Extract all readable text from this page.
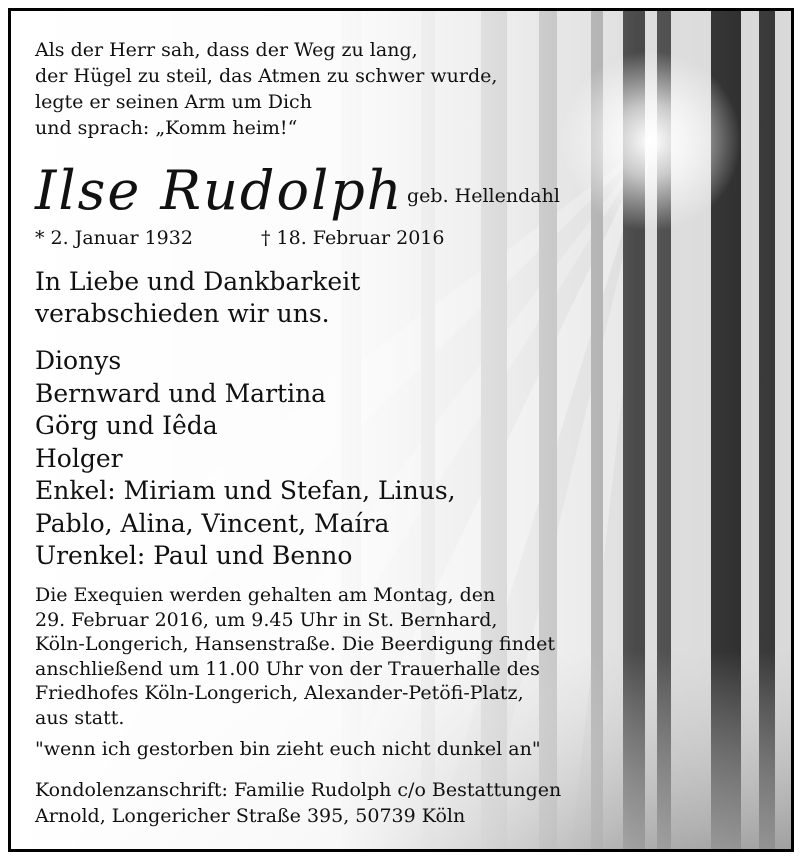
Als der Herr sah, dass der Weg zu lang,
der Hügel zu steil, das Atmen zu schwer wurde,
legte er seinen Arm um Dich
und sprach: „Komm heim!“
Ilse Rudolph geb. Hellendahl
* 2. Januar 1932	† 18. Februar 2016
In Liebe und Dankbarkeit
verabschieden wir uns.
Dionys
Bernward und Martina
Görg und Iêda
Holger
Enkel: Miriam und Stefan, Linus,
Pablo, Alina, Vincent, Maíra
Urenkel: Paul und Benno
Die Exequien werden gehalten am Montag, den
29. Februar 2016, um 9.45 Uhr in St. Bernhard,
Köln-Longerich, Hansenstraße. Die Beerdigung findet
anschließend um 11.00 Uhr von der Trauerhalle des
Friedhofes Köln-Longerich, Alexander-Petöfi-Platz,
aus statt.
"wenn ich gestorben bin zieht euch nicht dunkel an"
Kondolenzanschrift: Familie Rudolph c/o Bestattungen
Arnold, Longericher Straße 395, 50739 Köln
